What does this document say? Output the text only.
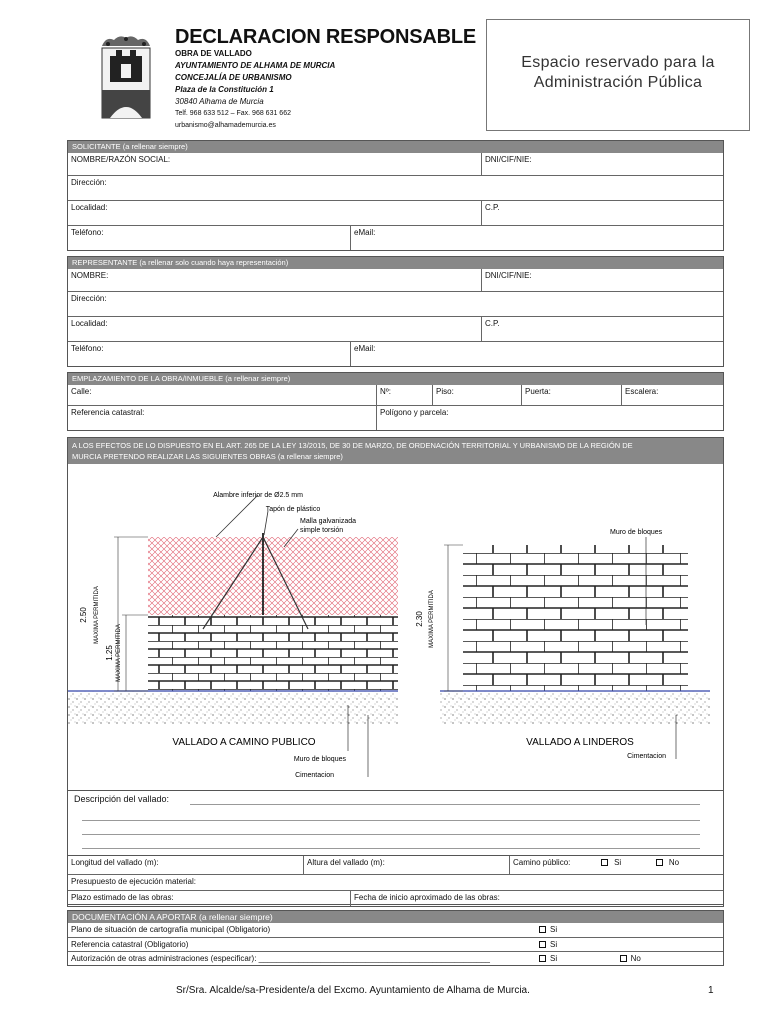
DECLARACION RESPONSABLE
OBRA DE VALLADO
AYUNTAMIENTO DE ALHAMA DE MURCIA
CONCEJALÍA DE URBANISMO
Plaza de la Constitución 1
30840 Alhama de Murcia
Telf. 968 633 512 – Fax. 968 631 662
urbanismo@alhamademurcia.es
Espacio reservado para la
Administración Pública
SOLICITANTE (a rellenar siempre)
NOMBRE/RAZÓN SOCIAL:	DNI/CIF/NIE:
Dirección:
Localidad:	C.P.
Teléfono:	eMail:
REPRESENTANTE (a rellenar solo cuando haya representación)
NOMBRE:	DNI/CIF/NIE:
Dirección:
Localidad:	C.P.
Teléfono:	eMail:
EMPLAZAMIENTO DE LA OBRA/INMUEBLE (a rellenar siempre)
Calle:	Nº:	Piso:	Puerta:	Escalera:
Referencia catastral:	Polígono y parcela:
A LOS EFECTOS DE LO DISPUESTO EN EL ART. 265 DE LA LEY 13/2015, DE 30 DE MARZO, DE ORDENACIÓN TERRITORIAL Y URBANISMO DE LA REGIÓN DE
MURCIA PRETENDO REALIZAR LAS SIGUIENTES OBRAS (a rellenar siempre)
Alambre inferior de Ø2.5 mm
Tapón de plástico
Malla galvanizada
simple torsión
2.50 MAXIMA PERMITIDA
1.25 MAXIMA PERMITIDA
VALLADO A CAMINO PUBLICO
Muro de bloques
Cimentacion
Muro de bloques
2.30 MAXIMA PERMITIDA
VALLADO A LINDEROS
Cimentacion
Descripción del vallado:
Longitud del vallado (m):	Altura del vallado (m):	Camino público:	Si	No
Presupuesto de ejecución material:
Plazo estimado de las obras:	Fecha de inicio aproximado de las obras:
DOCUMENTACIÓN A APORTAR (a rellenar siempre)
Plano de situación de cartografía municipal (Obligatorio)	Si
Referencia catastral (Obligatorio)	Si
Autorización de otras administraciones (especificar): ____________________________________________________	Si	No
Sr/Sra. Alcalde/sa-Presidente/a del Excmo. Ayuntamiento de Alhama de Murcia.	1
